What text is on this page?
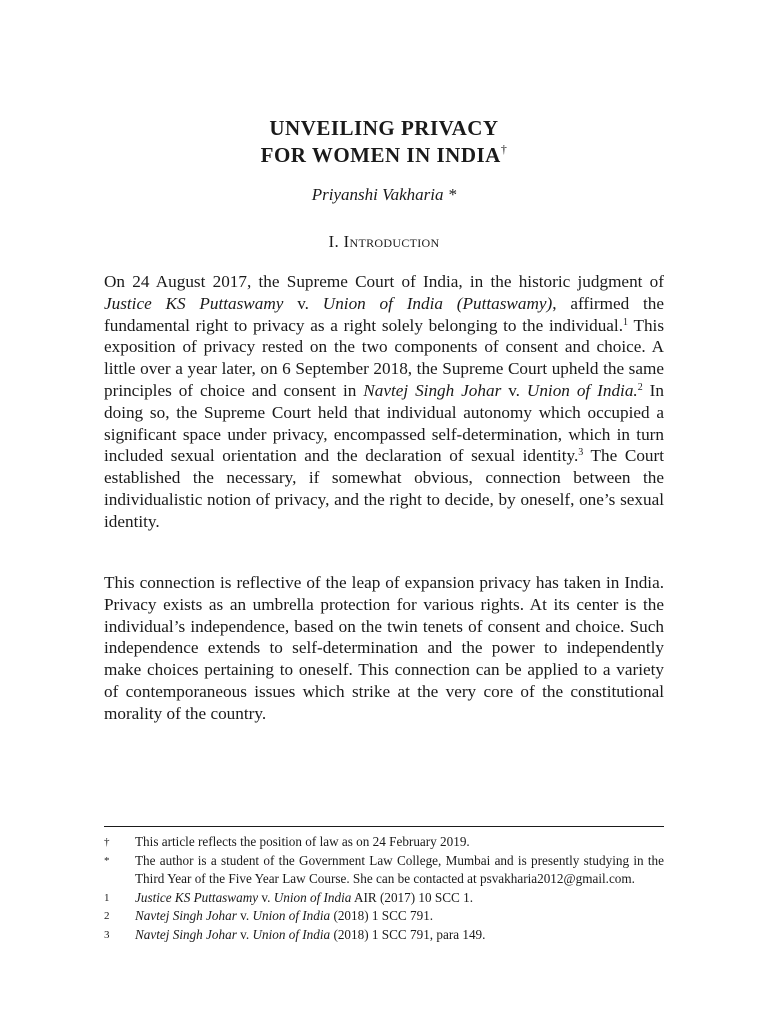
UNVEILING PRIVACY
FOR WOMEN IN INDIA†
Priyanshi Vakharia *
I. Introduction

On 24 August 2017, the Supreme Court of India, in the historic judgment of Justice KS Puttaswamy v. Union of India (Puttaswamy), affirmed the fundamental right to privacy as a right solely belonging to the individual.$^1$ This exposition of privacy rested on the two components of consent and choice. A little over a year later, on 6 September 2018, the Supreme Court upheld the same principles of choice and consent in Navtej Singh Johar v. Union of India.$^2$ In doing so, the Supreme Court held that individual autonomy which occupied a significant space under privacy, encompassed self-determination, which in turn included sexual orientation and the declaration of sexual identity.$^3$ The Court established the necessary, if somewhat obvious, connection between the individualistic notion of privacy, and the right to decide, by oneself, one’s sexual identity.

This connection is reflective of the leap of expansion privacy has taken in India. Privacy exists as an umbrella protection for various rights. At its center is the individual’s independence, based on the twin tenets of consent and choice. Such independence extends to self-determination and the power to independently make choices pertaining to oneself. This connection can be applied to a variety of contemporaneous issues which strike at the very core of the constitutional morality of the country.

†	This article reflects the position of law as on 24 February 2019.
*	The author is a student of the Government Law College, Mumbai and is presently studying in the Third Year of the Five Year Law Course. She can be contacted at psvakharia2012@gmail.com.
1	Justice KS Puttaswamy v. Union of India AIR (2017) 10 SCC 1.
2	Navtej Singh Johar v. Union of India (2018) 1 SCC 791.
3	Navtej Singh Johar v. Union of India (2018) 1 SCC 791, para 149.
